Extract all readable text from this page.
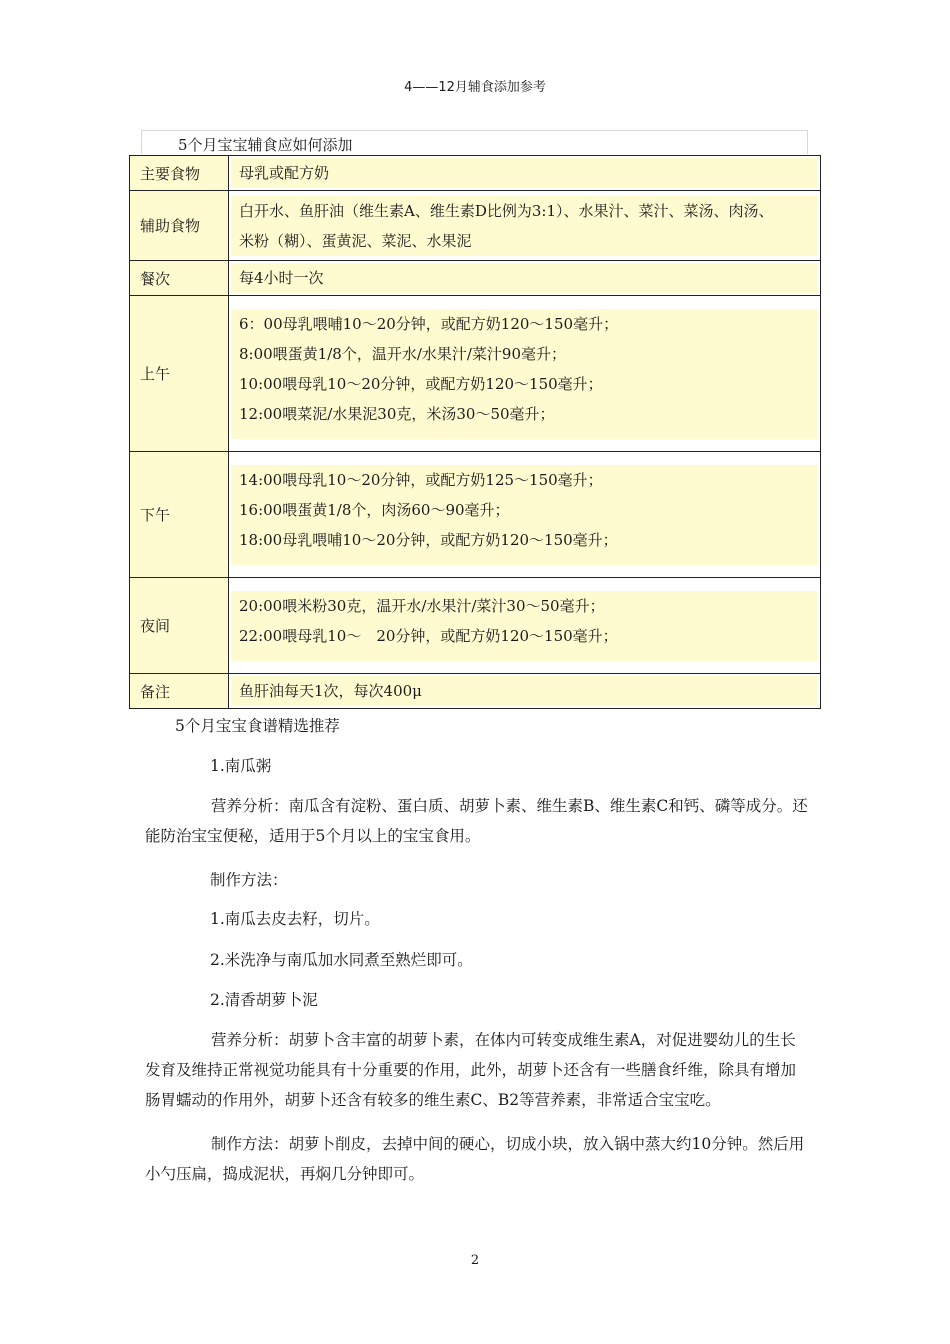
4——12月辅食添加参考
5个月宝宝辅食应如何添加
主要食物	母乳或配方奶

辅助食物	白开水、鱼肝油（维生素A、维生素D比例为3:1）、水果汁、菜汁、菜汤、肉汤、
米粉（糊）、蛋黄泥、菜泥、水果泥

餐次	每4小时一次

上午	6：00母乳喂哺10～20分钟，或配方奶120～150毫升；
8:00喂蛋黄1/8个，温开水/水果汁/菜汁90毫升；
10:00喂母乳10～20分钟，或配方奶120～150毫升；
12:00喂菜泥/水果泥30克，米汤30～50毫升；

下午	14:00喂母乳10～20分钟，或配方奶125～150毫升；
16:00喂蛋黄1/8个，肉汤60～90毫升；
18:00母乳喂哺10～20分钟，或配方奶120～150毫升；

夜间	20:00喂米粉30克，温开水/水果汁/菜汁30～50毫升；
22:00喂母乳10～　20分钟，或配方奶120～150毫升；

备注	鱼肝油每天1次，每次400μ
5个月宝宝食谱精选推荐
1.南瓜粥
营养分析：南瓜含有淀粉、蛋白质、胡萝卜素、维生素B、维生素C和钙、磷等成分。还能防治宝宝便秘，适用于5个月以上的宝宝食用。
制作方法：
1.南瓜去皮去籽，切片。
2.米洗净与南瓜加水同煮至熟烂即可。
2.清香胡萝卜泥
营养分析：胡萝卜含丰富的胡萝卜素，在体内可转变成维生素A，对促进婴幼儿的生长发育及维持正常视觉功能具有十分重要的作用，此外，胡萝卜还含有一些膳食纤维，除具有增加肠胃蠕动的作用外，胡萝卜还含有较多的维生素C、B2等营养素，非常适合宝宝吃。
制作方法：胡萝卜削皮，去掉中间的硬心，切成小块，放入锅中蒸大约10分钟。然后用小勺压扁，捣成泥状，再焖几分钟即可。
2
